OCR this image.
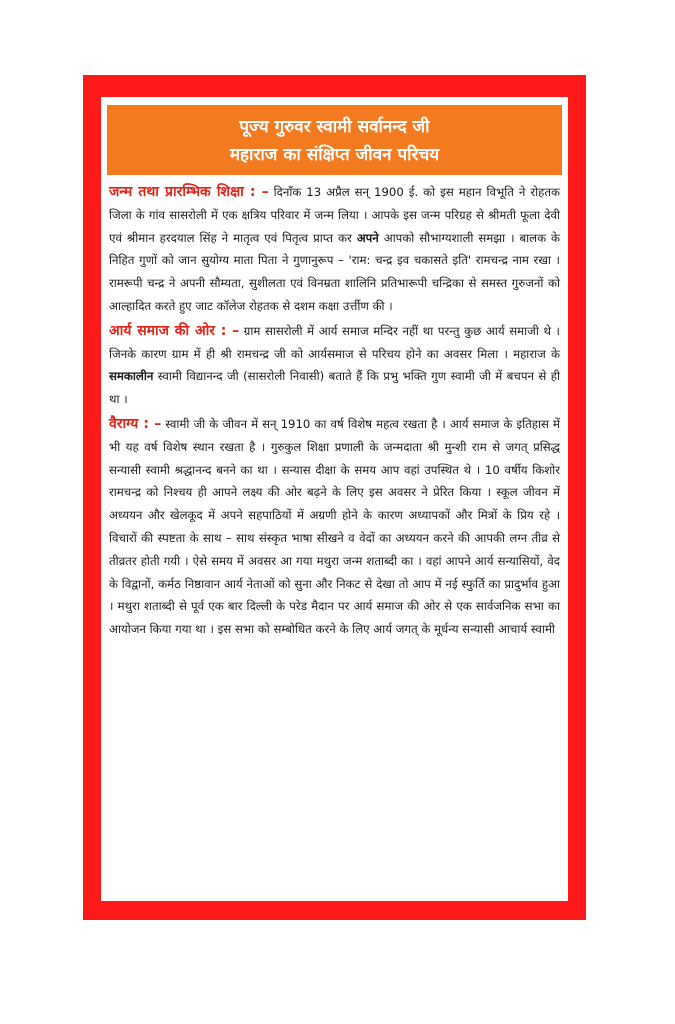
पूज्य गुरुवर स्वामी सर्वानन्द जी
महाराज का संक्षिप्त जीवन परिचय

जन्म तथा प्रारम्भिक शिक्षा : – दिनाँक 13 अप्रैल सन् 1900 ई. को इस महान विभूति ने रोहतक जिला के गांव सासरोली में एक क्षत्रिय परिवार में जन्म लिया । आपके इस जन्म परिग्रह से श्रीमती फूला देवी एवं श्रीमान हरदयाल सिंह ने मातृत्व एवं पितृत्व प्राप्त कर अपने आपको सौभाग्यशाली समझा । बालक के निहित गुणों को जान सुयोग्य माता पिता ने गुणानुरूप – 'राम: चन्द्र इव चकासते इति' रामचन्द्र नाम रखा । रामरूपी चन्द्र ने अपनी सौम्यता, सुशीलता एवं विनम्रता शालिनि प्रतिभारूपी चन्द्रिका से समस्त गुरुजनों को आल्हादित करते हुए जाट कॉलेज रोहतक से दशम कक्षा उर्त्तीण की ।

आर्य समाज की ओर : – ग्राम सासरोली में आर्य समाज मन्दिर नहीं था परन्तु कुछ आर्य समाजी थे । जिनके कारण ग्राम में ही श्री रामचन्द्र जी को आर्यसमाज से परिचय होने का अवसर मिला । महाराज के समकालीन स्वामी विद्यानन्द जी (सासरोली निवासी) बताते हैं कि प्रभु भक्ति गुण स्वामी जी में बचपन से ही था ।

वैराग्य : – स्वामी जी के जीवन में सन् 1910 का वर्ष विशेष महत्व रखता है । आर्य समाज के इतिहास में भी यह वर्ष विशेष स्थान रखता है । गुरुकुल शिक्षा प्रणाली के जन्मदाता श्री मुन्शी राम से जगत् प्रसिद्ध सन्यासी स्वामी श्रद्धानन्द बनने का था । सन्यास दीक्षा के समय आप वहां उपस्थित थे । 10 वर्षीय किशोर रामचन्द्र को निश्चय ही आपने लक्ष्य की ओर बढ़ने के लिए इस अवसर ने प्रेरित किया । स्कूल जीवन में अध्ययन और खेलकूद में अपने सहपाठियों में अग्रणी होने के कारण अध्यापकों और मित्रों के प्रिय रहे । विचारों की स्पष्टता के साथ – साथ संस्कृत भाषा सीखने व वेदों का अध्ययन करने की आपकी लग्न तीव्र से तीव्रतर होती गयी । ऐसे समय में अवसर आ गया मथुरा जन्म शताब्दी का । वहां आपने आर्य सन्यासियों, वेद के विद्वानों, कर्मठ निष्ठावान आर्य नेताओं को सुना और निकट से देखा तो आप में नई स्फुर्ति का प्रादुर्भाव हुआ । मथुरा शताब्दी से पूर्व एक बार दिल्ली के परेड मैदान पर आर्य समाज की ओर से एक सार्वजनिक सभा का आयोजन किया गया था । इस सभा को सम्बोधित करने के लिए आर्य जगत् के मूर्धन्य सन्यासी आचार्य स्वामी
